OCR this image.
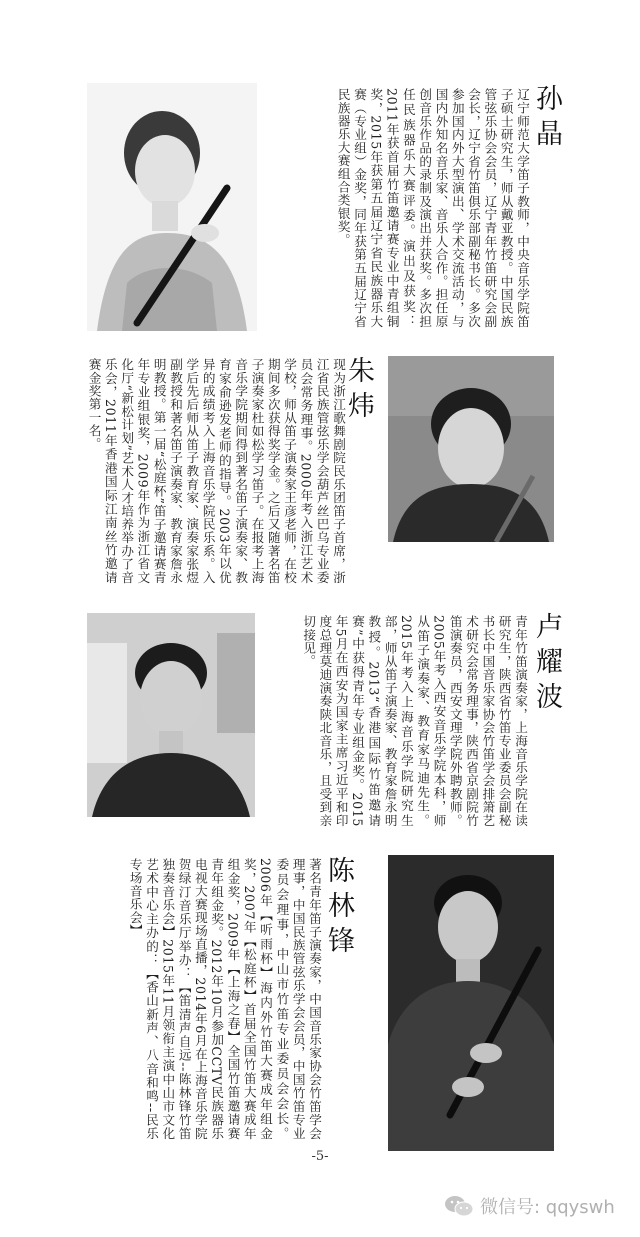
孙晶
辽宁师范大学笛子教师，中央音乐学院笛子硕士研究生，师从戴亚教授。中国民族管弦乐协会会员，辽宁青年竹笛研究会副会长，辽宁省竹笛俱乐部副秘书长。多次参加国内外大型演出、学术交流活动，与国内外知名音乐家、音乐人合作。担任原创音乐作品的录制及演出并获奖。多次担任民族器乐大赛评委。演出及获奖：2011年获首届竹笛邀请赛专业中青组铜奖，2015年获第五届辽宁省民族器乐大赛（专业组）金奖，同年获第五届辽宁省民族器乐大赛组合类银奖。
朱炜
现为浙江歌舞剧院民乐团笛子首席，浙江省民族管弦乐学会葫芦丝巴乌专业委员会常务理事。2000年考入浙江艺术学校，师从笛子演奏家王彦老师，在校期间多次获得奖学金。之后又随著名笛子演奏家杜如松学习笛子。在报考上海音乐学院期间得到著名笛子演奏家、教育家俞逊发老师的指导。2003年以优异的成绩考入上海音乐学院民乐系。入学后先后师从笛子教育家、演奏家张煜副教授和著名笛子演奏家、教育家詹永明教授。第一届“松庭杯”笛子邀请赛青年专业组银奖，2009年作为浙江省文化厅“新松计划”艺术人才培养举办了音乐会，2011年香港国际江南丝竹邀请赛金奖第一名。
卢耀波
青年竹笛演奏家，上海音乐学院在读研究生，陕西省竹笛专业委员会副秘书长中国音乐家协会竹笛学会排箫艺术研究会常务理事，陕西省京剧院竹笛演奏员，西安文理学院外聘教师。2005年考入西安音乐学院本科，师从笛子演奏家、教育家马迪先生。2015年考入上海音乐学院研究生部，师从笛子演奏家、教育家詹永明教授。2013“香港国际竹笛邀请赛”中获得青年专业组金奖。2015年5月在西安为国家主席习近平和印度总理莫迪演奏陕北音乐，且受到亲切接见。
陈林锋
著名青年笛子演奏家，中国音乐家协会竹笛学会理事，中国民族管弦乐学会会员，中国竹笛专业委员会理事，中山市竹笛专业委员会会长。2006年【听雨杯】海内外竹笛大赛成年组金奖，2007年【松庭杯】首届全国竹笛大赛成年组金奖，2009年【上海之春】全国竹笛邀请赛青年组金奖。2012年10月参加CCTV民族器乐电视大赛现场直播，2014年6月在上海音乐学院贺绿汀音乐厅举办：【笛清声自远--陈林锋竹笛独奏音乐会】2015年11月领衔主演中山市文化艺术中心主办的：【香山新声、八音和鸣--民乐专场音乐会】
-5-
微信号: qqyswh
